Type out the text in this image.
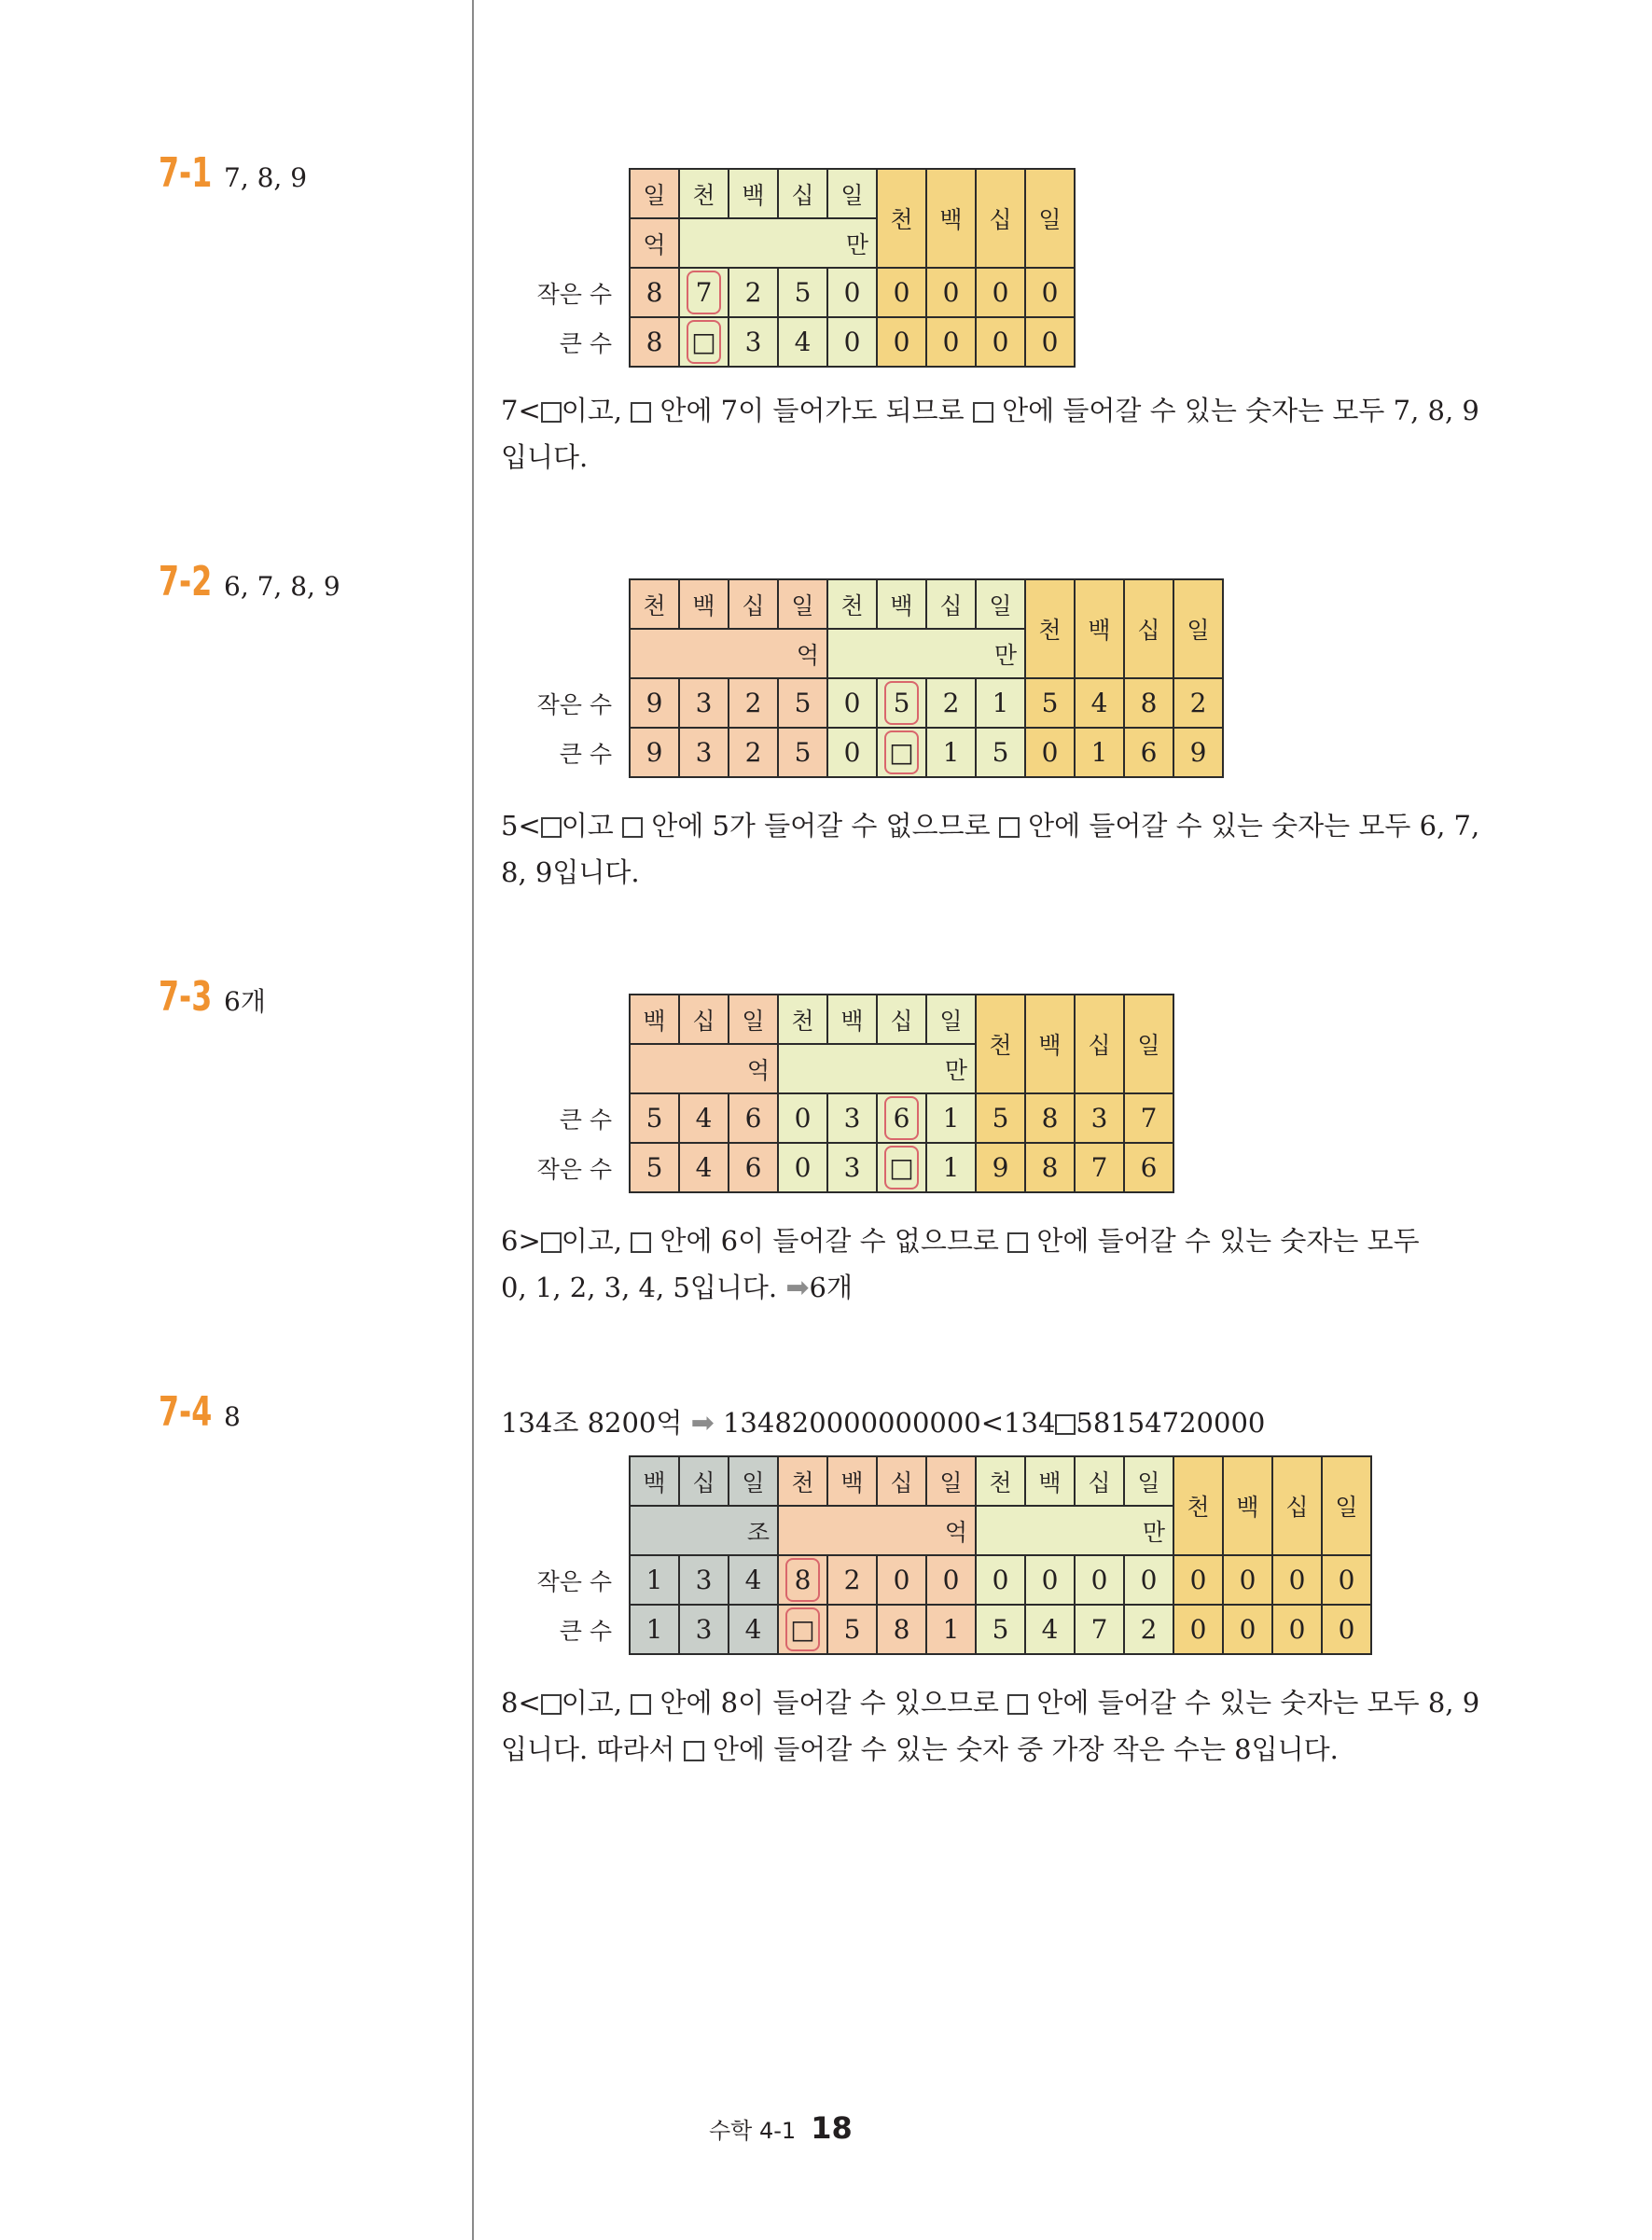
7-1 7, 8, 9
	일	천	백	십	일	천	백	십	일
	억	만							
작은 수	8	7	2	5	0	0	0	0	0
큰 수	8	□	3	4	0	0	0	0	0
7< 이고, 안에 7이 들어가도 되므로 안에 들어갈 수 있는 숫자는 모두 7, 8, 9
입니다.
7-2 6, 7, 8, 9
	천	백	십	일	천	백	십	일	천	백	십	일
	억				만							
작은 수	9	3	2	5	0	5	2	1	5	4	8	2
큰 수	9	3	2	5	0	□	1	5	0	1	6	9
5< 이고 안에 5가 들어갈 수 없으므로 안에 들어갈 수 있는 숫자는 모두 6, 7,
8, 9입니다.
7-3 6개
	백	십	일	천	백	십	일	천	백	십	일
	억			만							
큰 수	5	4	6	0	3	6	1	5	8	3	7
작은 수	5	4	6	0	3	□	1	9	8	7	6
6> 이고, 안에 6이 들어갈 수 없으므로 안에 들어갈 수 있는 숫자는 모두
0, 1, 2, 3, 4, 5입니다. ➡6개
7-4 8	134조 8200억 ➡ 134820000000000<134 58154720000
	백	십	일	천	백	십	일	천	백	십	일	천	백	십	일
	조			억				만							
작은 수	1	3	4	8	2	0	0	0	0	0	0	0	0	0	0
큰 수	1	3	4	□	5	8	1	5	4	7	2	0	0	0	0
8< 이고, 안에 8이 들어갈 수 있으므로 안에 들어갈 수 있는 숫자는 모두 8, 9
입니다. 따라서 안에 들어갈 수 있는 숫자 중 가장 작은 수는 8입니다.
수학 4-1 18
